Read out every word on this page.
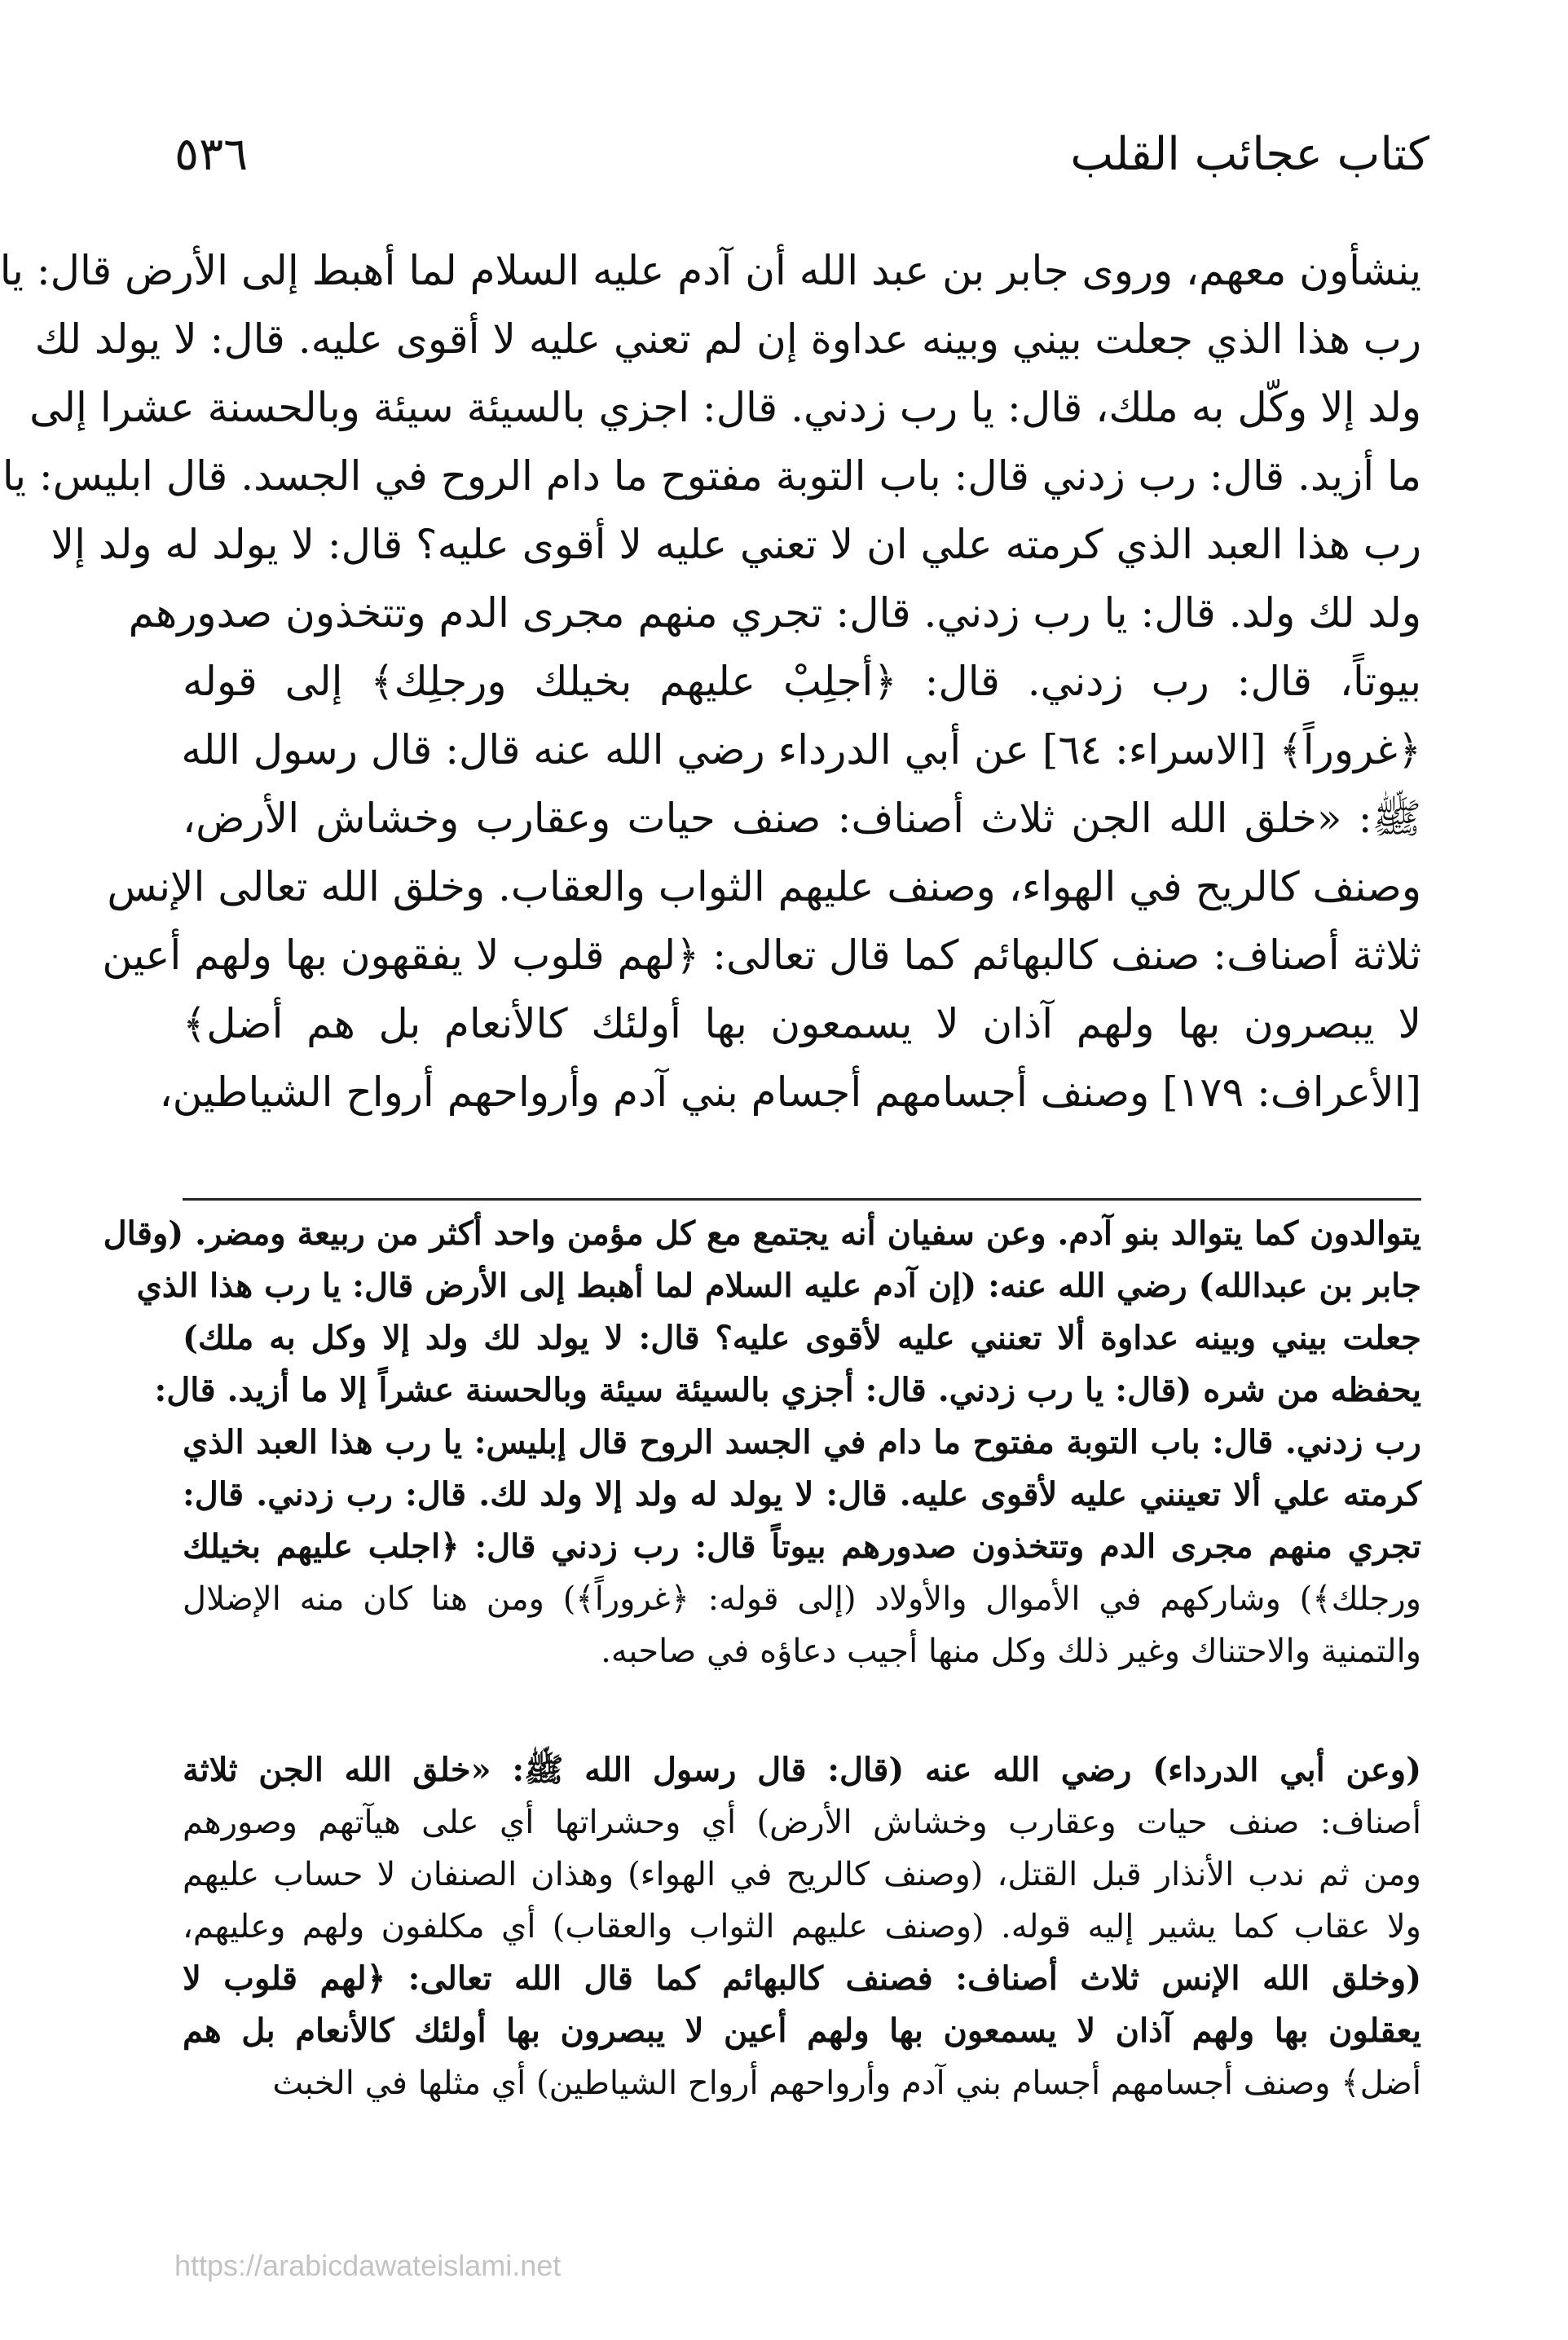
كتاب عجائب القلب
٥٣٦
ينشأون معهم، وروى جابر بن عبد الله أن آدم عليه السلام لما أهبط إلى الأرض قال: يا
رب هذا الذي جعلت بيني وبينه عداوة إن لم تعني عليه لا أقوى عليه. قال: لا يولد لك
ولد إلا وكّل به ملك، قال: يا رب زدني. قال: اجزي بالسيئة سيئة وبالحسنة عشرا إلى
ما أزيد. قال: رب زدني قال: باب التوبة مفتوح ما دام الروح في الجسد. قال ابليس: يا
رب هذا العبد الذي كرمته علي ان لا تعني عليه لا أقوى عليه؟ قال: لا يولد له ولد إلا
ولد لك ولد. قال: يا رب زدني. قال: تجري منهم مجرى الدم وتتخذون صدورهم
بيوتاً، قال: رب زدني. قال: ﴿أجلِبْ عليهم بخيلك ورجلِك﴾ إلى قوله
﴿غروراً﴾ [الاسراء: ٦٤] عن أبي الدرداء رضي الله عنه قال: قال رسول الله
ﷺ: «خلق الله الجن ثلاث أصناف: صنف حيات وعقارب وخشاش الأرض،
وصنف كالريح في الهواء، وصنف عليهم الثواب والعقاب. وخلق الله تعالى الإنس
ثلاثة أصناف: صنف كالبهائم كما قال تعالى: ﴿لهم قلوب لا يفقهون بها ولهم أعين
لا يبصرون بها ولهم آذان لا يسمعون بها أولئك كالأنعام بل هم أضل﴾
[الأعراف: ١٧٩] وصنف أجسامهم أجسام بني آدم وأرواحهم أرواح الشياطين،
يتوالدون كما يتوالد بنو آدم. وعن سفيان أنه يجتمع مع كل مؤمن واحد أكثر من ربيعة ومضر. (وقال
جابر بن عبدالله) رضي الله عنه: (إن آدم عليه السلام لما أهبط إلى الأرض قال: يا رب هذا الذي
جعلت بيني وبينه عداوة ألا تعنني عليه لأقوى عليه؟ قال: لا يولد لك ولد إلا وكل به ملك)
يحفظه من شره (قال: يا رب زدني. قال: أجزي بالسيئة سيئة وبالحسنة عشراً إلا ما أزيد. قال:
رب زدني. قال: باب التوبة مفتوح ما دام في الجسد الروح قال إبليس: يا رب هذا العبد الذي
كرمته علي ألا تعينني عليه لأقوى عليه. قال: لا يولد له ولد إلا ولد لك. قال: رب زدني. قال:
تجري منهم مجرى الدم وتتخذون صدورهم بيوتاً قال: رب زدني قال: ﴿اجلب عليهم بخيلك
ورجلك﴾) وشاركهم في الأموال والأولاد (إلى قوله: ﴿غروراً﴾) ومن هنا كان منه الإضلال
والتمنية والاحتناك وغير ذلك وكل منها أجيب دعاؤه في صاحبه.
(وعن أبي الدرداء) رضي الله عنه (قال: قال رسول الله ﷺ: «خلق الله الجن ثلاثة
أصناف: صنف حيات وعقارب وخشاش الأرض) أي وحشراتها أي على هيآتهم وصورهم
ومن ثم ندب الأنذار قبل القتل، (وصنف كالريح في الهواء) وهذان الصنفان لا حساب عليهم
ولا عقاب كما يشير إليه قوله. (وصنف عليهم الثواب والعقاب) أي مكلفون ولهم وعليهم،
(وخلق الله الإنس ثلاث أصناف: فصنف كالبهائم كما قال الله تعالى: ﴿لهم قلوب لا
يعقلون بها ولهم آذان لا يسمعون بها ولهم أعين لا يبصرون بها أولئك كالأنعام بل هم
أضل﴾ وصنف أجسامهم أجسام بني آدم وأرواحهم أرواح الشياطين) أي مثلها في الخبث
https://arabicdawateislami.net
